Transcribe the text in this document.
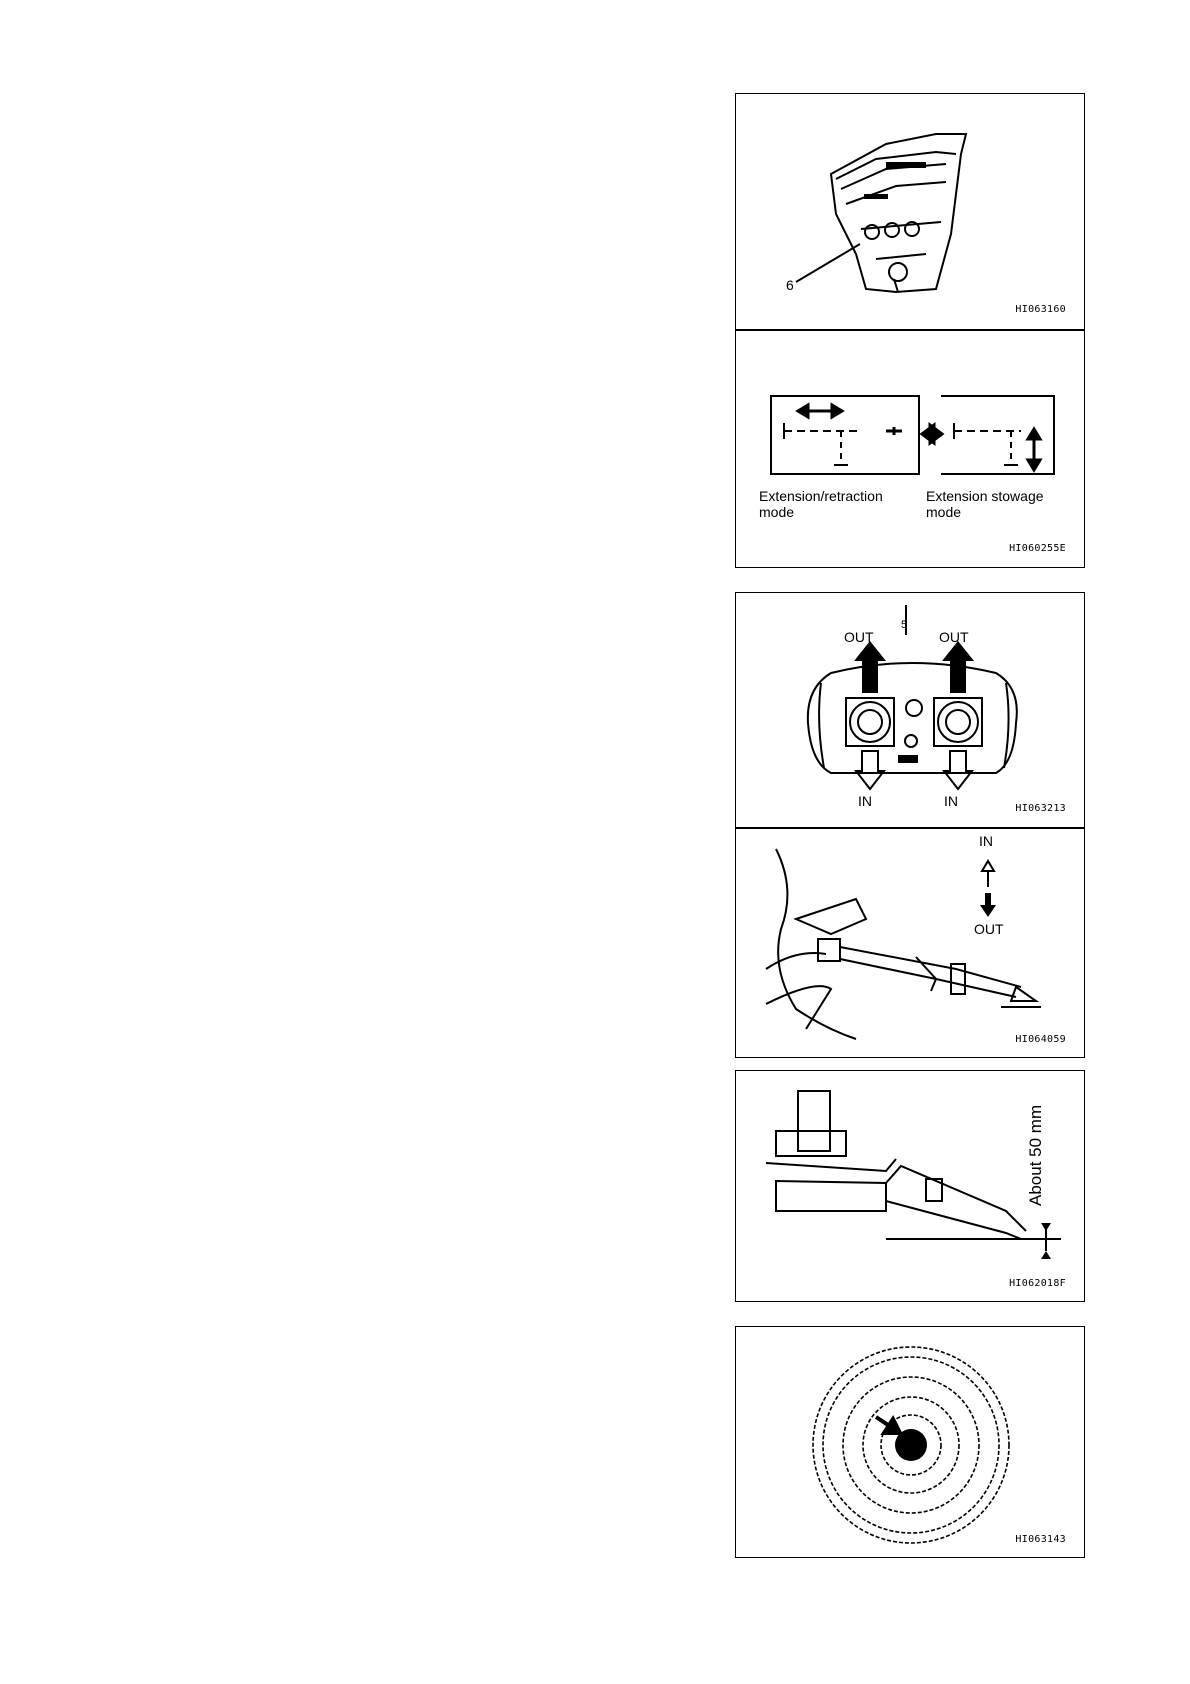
6
HI063160
Extension/retraction mode
Extension stowage mode
HI060255E
5
OUT	OUT
IN	IN	HI063213
IN
OUT
HI064059
About 50 mm
HI062018F
HI063143
